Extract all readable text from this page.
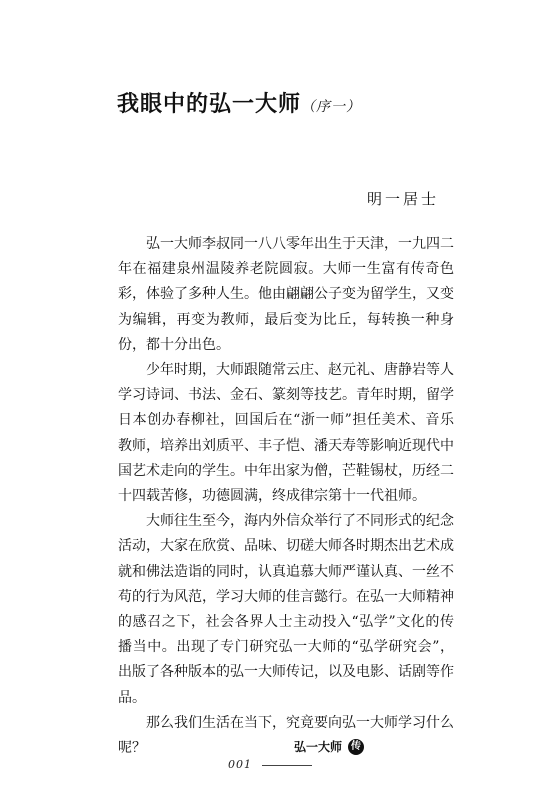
我眼中的弘一大师（序一）
明一居士

弘一大师李叔同一八八零年出生于天津，一九四二年在福建泉州温陵养老院圆寂。大师一生富有传奇色彩，体验了多种人生。他由翩翩公子变为留学生，又变为编辑，再变为教师，最后变为比丘，每转换一种身份，都十分出色。

少年时期，大师跟随常云庄、赵元礼、唐静岩等人学习诗词、书法、金石、篆刻等技艺。青年时期，留学日本创办春柳社，回国后在“浙一师”担任美术、音乐教师，培养出刘质平、丰子恺、潘天寿等影响近现代中国艺术走向的学生。中年出家为僧，芒鞋锡杖，历经二十四载苦修，功德圆满，终成律宗第十一代祖师。

大师往生至今，海内外信众举行了不同形式的纪念活动，大家在欣赏、品味、切磋大师各时期杰出艺术成就和佛法造诣的同时，认真追慕大师严谨认真、一丝不苟的行为风范，学习大师的佳言懿行。在弘一大师精神的感召之下，社会各界人士主动投入“弘学”文化的传播当中。出现了专门研究弘一大师的“弘学研究会”，出版了各种版本的弘一大师传记，以及电影、话剧等作品。

那么我们生活在当下，究竟要向弘一大师学习什么呢？	弘一大师 传
001
